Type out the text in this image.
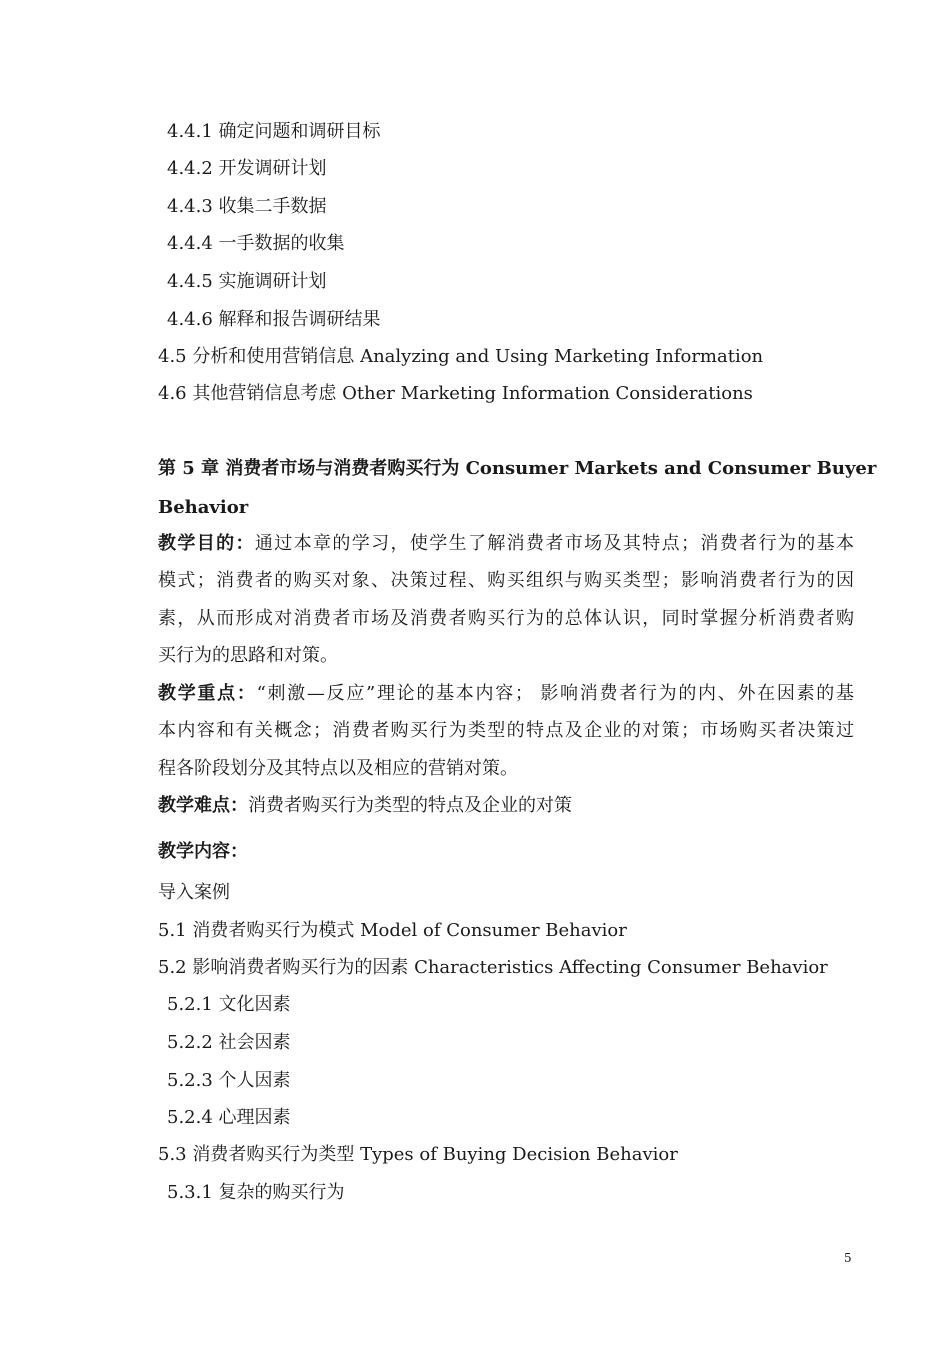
4.4.1 确定问题和调研目标
4.4.2 开发调研计划
4.4.3 收集二手数据
4.4.4 一手数据的收集
4.4.5 实施调研计划
4.4.6 解释和报告调研结果
4.5 分析和使用营销信息 Analyzing and Using Marketing Information
4.6 其他营销信息考虑 Other Marketing Information Considerations
第 5 章 消费者市场与消费者购买行为 Consumer Markets and Consumer Buyer
Behavior
教学目的：通过本章的学习，使学生了解消费者市场及其特点；消费者行为的基本
模式；消费者的购买对象、决策过程、购买组织与购买类型；影响消费者行为的因
素，从而形成对消费者市场及消费者购买行为的总体认识，同时掌握分析消费者购
买行为的思路和对策。
教学重点：“刺激—反应”理论的基本内容； 影响消费者行为的内、外在因素的基
本内容和有关概念；消费者购买行为类型的特点及企业的对策；市场购买者决策过
程各阶段划分及其特点以及相应的营销对策。
教学难点：消费者购买行为类型的特点及企业的对策
教学内容：
导入案例
5.1 消费者购买行为模式 Model of Consumer Behavior
5.2 影响消费者购买行为的因素 Characteristics Affecting Consumer Behavior
5.2.1 文化因素
5.2.2 社会因素
5.2.3 个人因素
5.2.4 心理因素
5.3 消费者购买行为类型 Types of Buying Decision Behavior
5.3.1 复杂的购买行为
5
